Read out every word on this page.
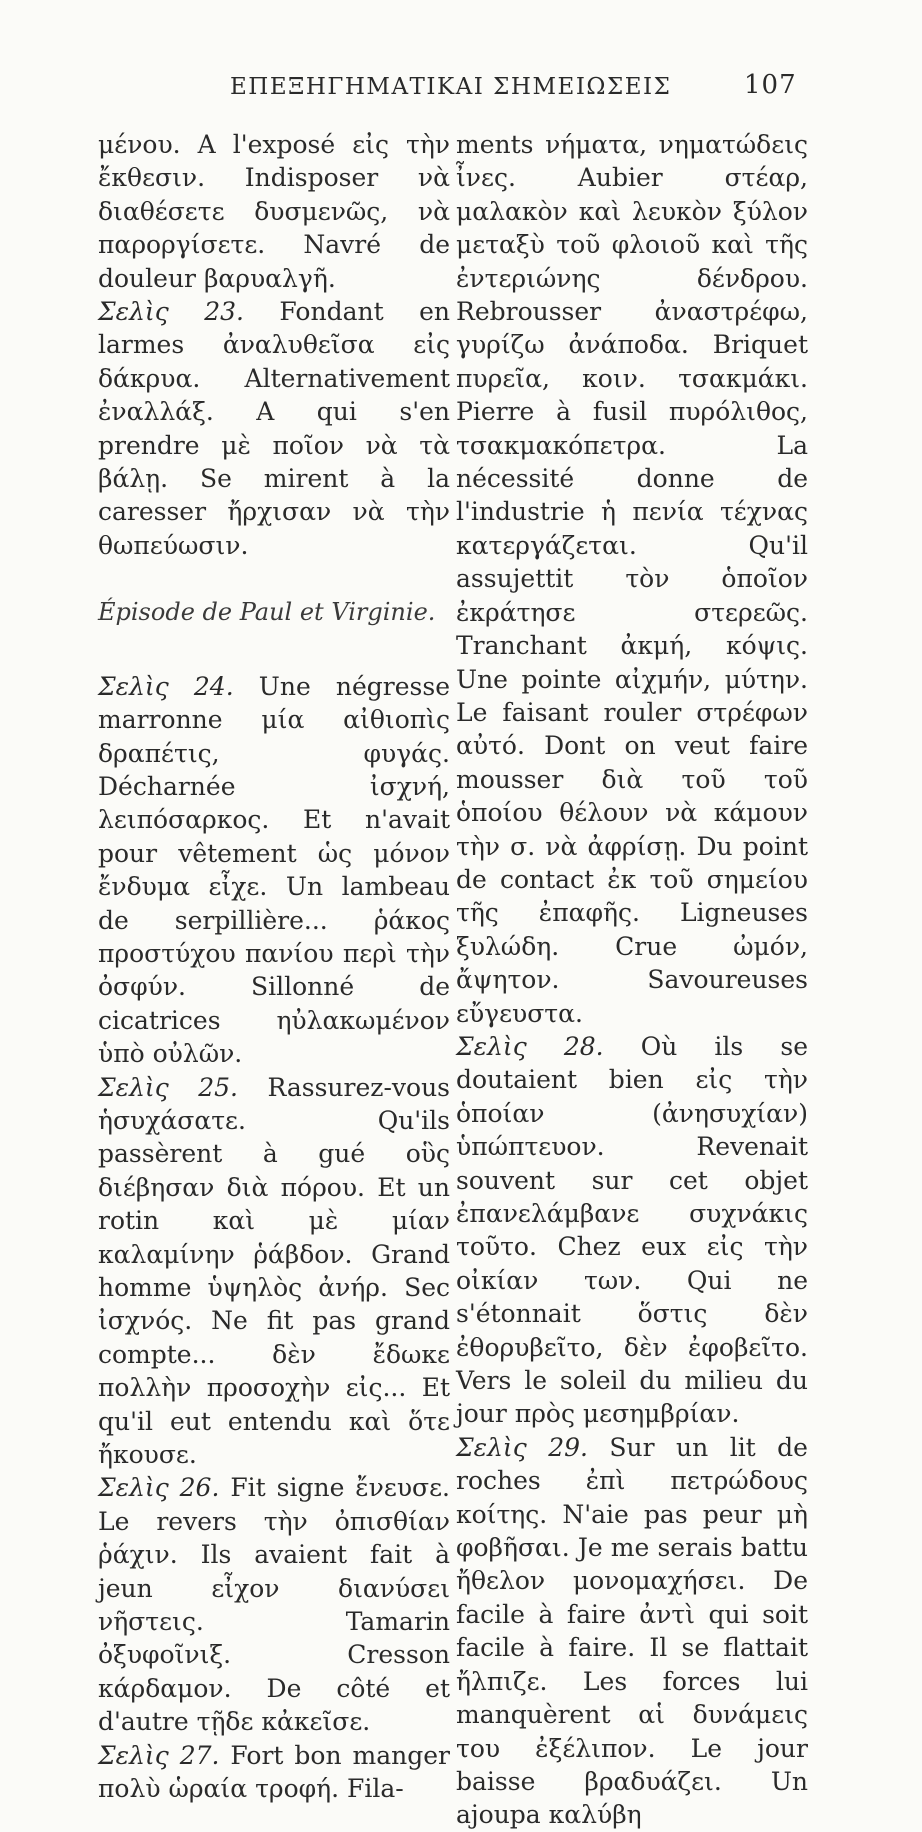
ΕΠΕΞΗΓΗΜΑΤΙΚΑΙ ΣΗΜΕΙΩΣΕΙΣ	107

μένου. A l'exposé εἰς τὴν ἔκθεσιν. Indisposer νὰ διαθέσετε δυσμενῶς, νὰ παροργίσετε. Navré de douleur βαρυαλγῆ.

Σελὶς 23. Fondant en larmes ἀναλυθεῖσα εἰς δάκρυα. Alternativement ἐναλλάξ. A qui s'en prendre μὲ ποῖον νὰ τὰ βάλῃ. Se mirent à la caresser ἤρχισαν νὰ τὴν θωπεύωσιν.

Épisode de Paul et Virginie.

Σελὶς 24. Une négresse marronne μία αἰθιοπὶς δραπέτις, φυγάς. Décharnée ἰσχνή, λειπόσαρκος. Et n'avait pour vêtement ὡς μόνον ἔνδυμα εἶχε. Un lambeau de serpillière... ῥάκος προστύχου πανίου περὶ τὴν ὀσφύν. Sillonné de cicatrices ηὐλακωμένον ὑπὸ οὐλῶν.

Σελὶς 25. Rassurez-vous ἡσυχάσατε. Qu'ils passèrent à gué οὓς διέβησαν διὰ πόρου. Et un rotin καὶ μὲ μίαν καλαμίνην ῥάβδον. Grand homme ὑψηλὸς ἀνήρ. Sec ἰσχνός. Ne fit pas grand compte... δὲν ἔδωκε πολλὴν προσοχὴν εἰς... Et qu'il eut entendu καὶ ὅτε ἤκουσε.

Σελὶς 26. Fit signe ἔνευσε. Le revers τὴν ὀπισθίαν ῥάχιν. Ils avaient fait à jeun εἶχον διανύσει νῆστεις. Tamarin ὀξυφοῖνιξ. Cresson κάρδαμον. De côté et d'autre τῇδε κἀκεῖσε.

Σελὶς 27. Fort bon manger πολὺ ὡραία τροφή. Fila-

ments νήματα, νηματώδεις ἶνες. Aubier στέαρ, μαλακὸν καὶ λευκὸν ξύλον μεταξὺ τοῦ φλοιοῦ καὶ τῆς ἐντεριώνης δένδρου. Rebrousser ἀναστρέφω, γυρίζω ἀνάποδα. Briquet πυρεῖα, κοιν. τσακμάκι. Pierre à fusil πυρόλιθος, τσακμακόπετρα. La nécessité donne de l'industrie ἡ πενία τέχνας κατεργάζεται. Qu'il assujettit τὸν ὁποῖον ἐκράτησε στερεῶς. Tranchant ἀκμή, κόψις. Une pointe αἰχμήν, μύτην. Le faisant rouler στρέφων αὐτό. Dont on veut faire mousser διὰ τοῦ τοῦ ὁποίου θέλουν νὰ κάμουν τὴν σ. νὰ ἀφρίσῃ. Du point de contact ἐκ τοῦ σημείου τῆς ἐπαφῆς. Ligneuses ξυλώδη. Crue ὠμόν, ἄψητον. Savoureuses εὔγευστα.

Σελὶς 28. Où ils se doutaient bien εἰς τὴν ὁποίαν (ἀνησυχίαν) ὑπώπτευον. Revenait souvent sur cet objet ἐπανελάμβανε συχνάκις τοῦτο. Chez eux εἰς τὴν οἰκίαν των. Qui ne s'étonnait ὅστις δὲν ἐθορυβεῖτο, δὲν ἐφοβεῖτο. Vers le soleil du milieu du jour πρὸς μεσημβρίαν.

Σελὶς 29. Sur un lit de roches ἐπὶ πετρώδους κοίτης. N'aie pas peur μὴ φοβῆσαι. Je me serais battu ἤθελον μονομαχήσει. De facile à faire ἀντὶ qui soit facile à faire. Il se flattait ἤλπιζε. Les forces lui manquèrent αἱ δυνάμεις του ἐξέλιπον. Le jour baisse βραδυάζει. Un ajoupa καλύβη
